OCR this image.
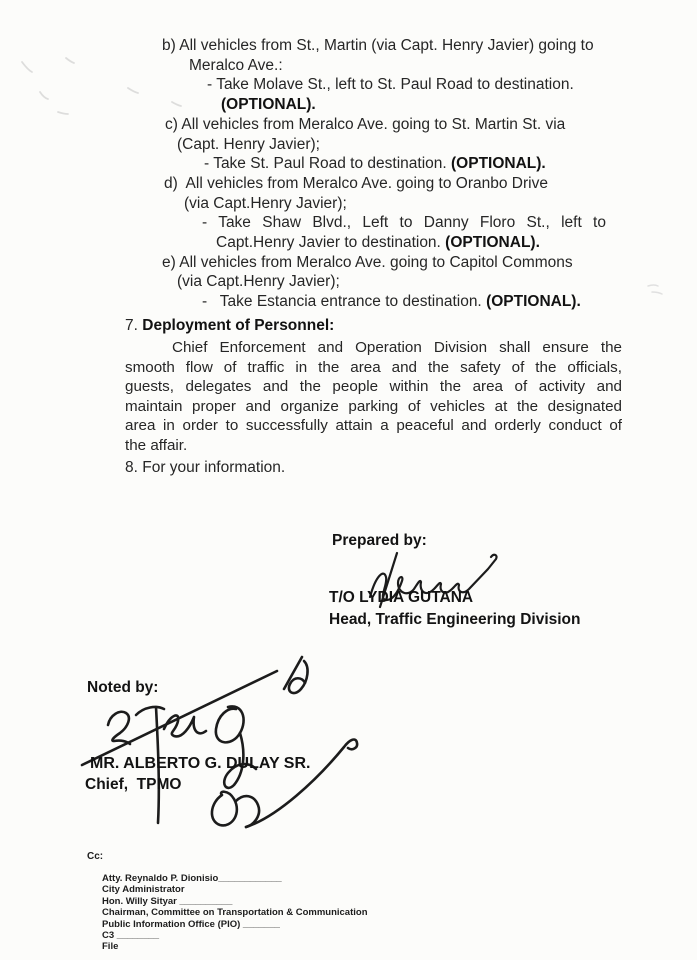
b) All vehicles from St., Martin (via Capt. Henry Javier) going to
Meralco Ave.:
- Take Molave St., left to St. Paul Road to destination.
(OPTIONAL).
c) All vehicles from Meralco Ave. going to St. Martin St. via
(Capt. Henry Javier);
- Take St. Paul Road to destination. (OPTIONAL).
d)  All vehicles from Meralco Ave. going to Oranbo Drive
(via Capt.Henry Javier);
- Take Shaw Blvd., Left to Danny Floro St., left to
Capt.Henry Javier to destination. (OPTIONAL).
e) All vehicles from Meralco Ave. going to Capitol Commons
(via Capt.Henry Javier);
-   Take Estancia entrance to destination. (OPTIONAL).
7. Deployment of Personnel:
Chief Enforcement and Operation Division shall ensure the
smooth flow of traffic in the area and the safety of the officials,
guests, delegates and the people within the area of activity and
maintain proper and organize parking of vehicles at the designated
area in order to successfully attain a peaceful and orderly conduct of
the affair.
8. For your information.
Prepared by:
T/O LYDIA GUTANA
Head, Traffic Engineering Division
Noted by:
MR. ALBERTO G. DULAY SR.
Chief,  TPMO
Cc:
Atty. Reynaldo P. Dionisio____________
City Administrator
Hon. Willy Sityar __________
Chairman, Committee on Transportation & Communication
Public Information Office (PIO) _______
C3 ________
File
